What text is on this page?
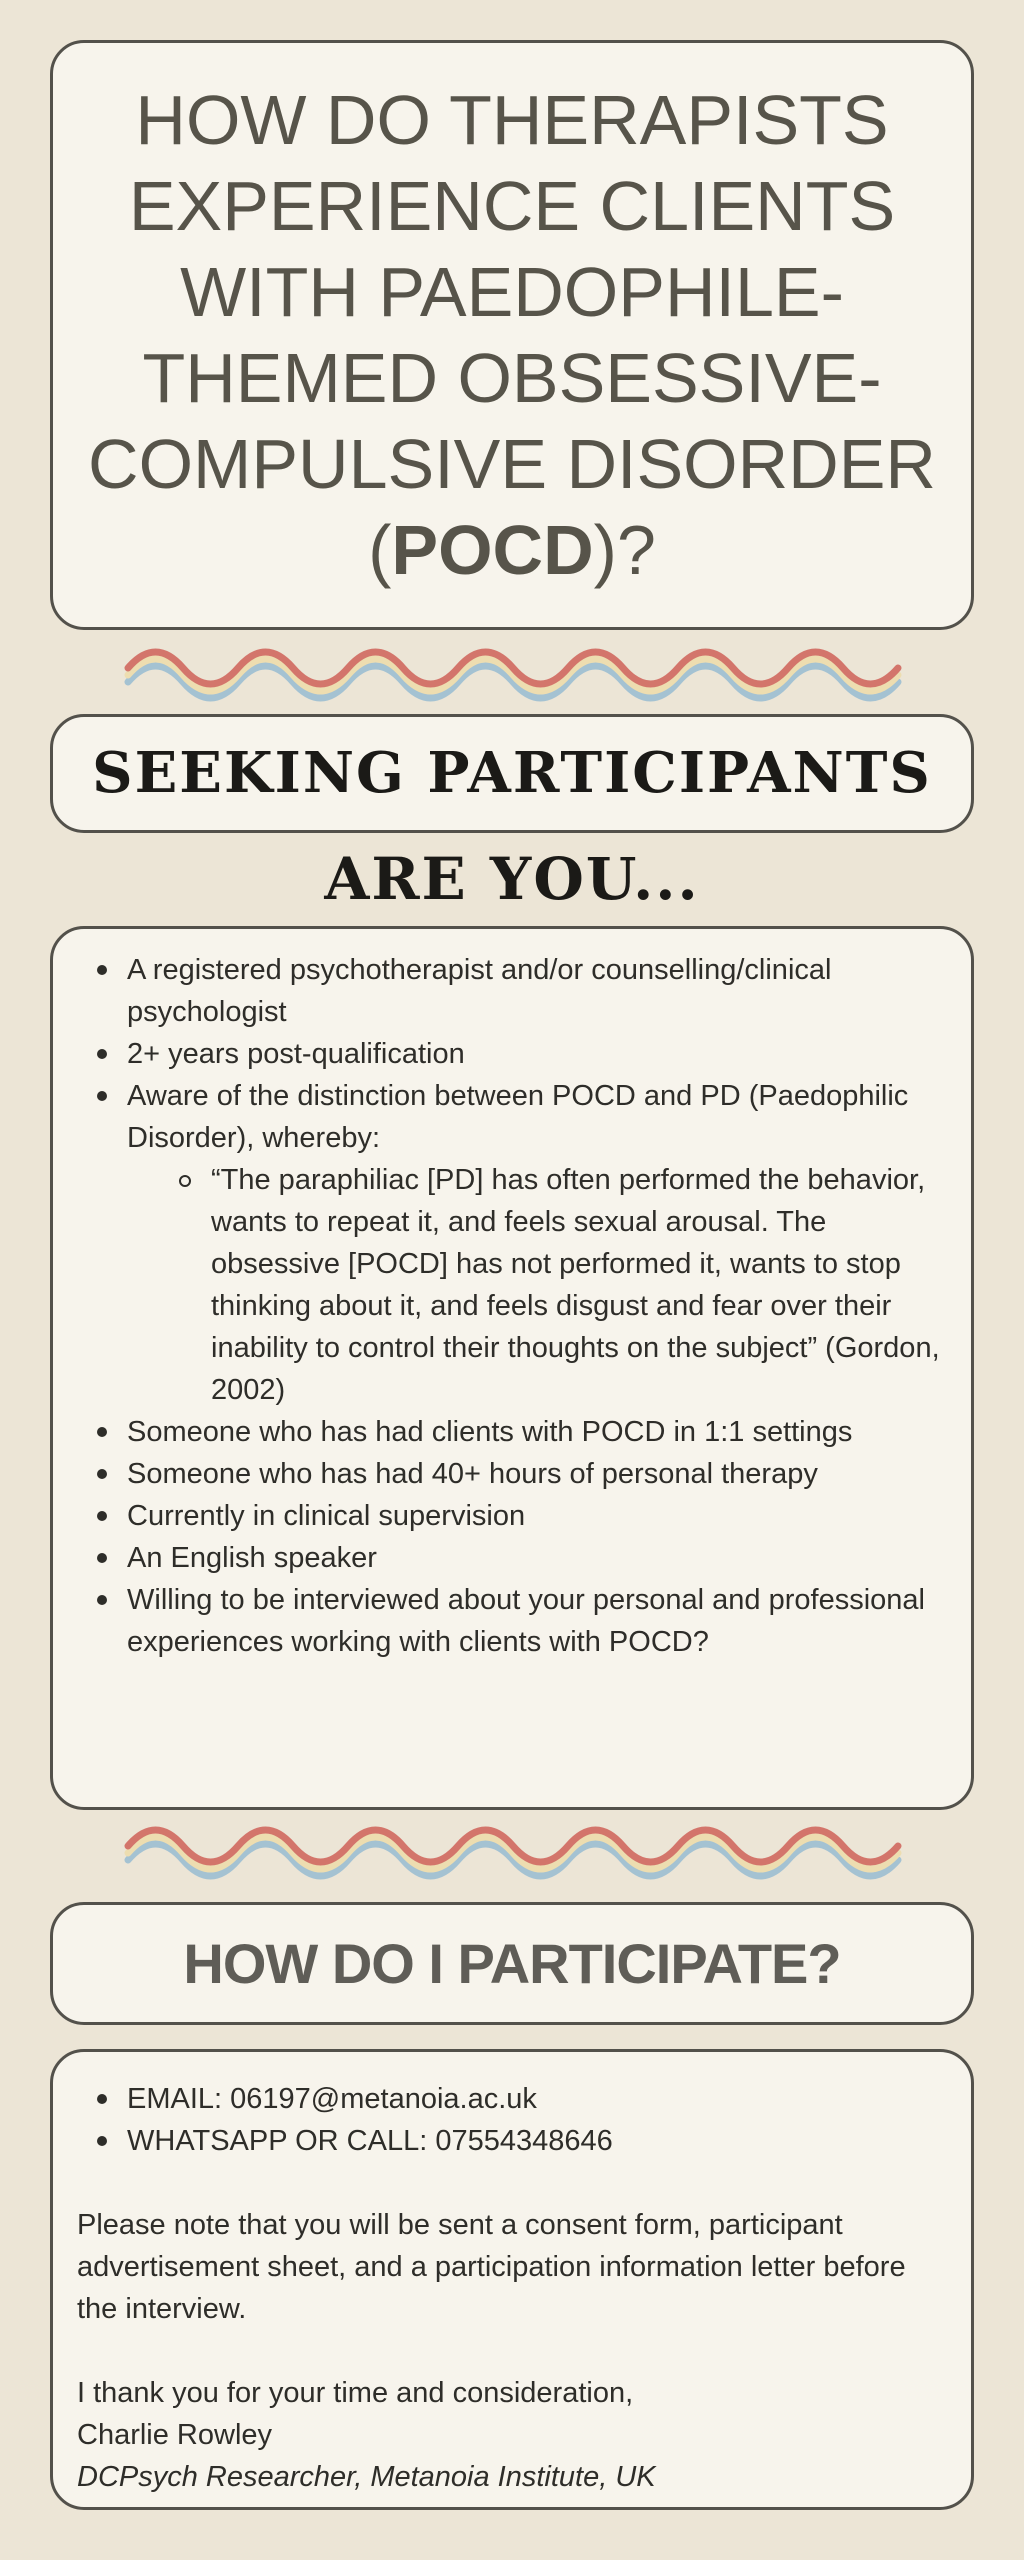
HOW DO THERAPISTS
EXPERIENCE CLIENTS
WITH PAEDOPHILE-
THEMED OBSESSIVE-
COMPULSIVE DISORDER
(POCD)?
SEEKING PARTICIPANTS
ARE YOU...
A registered psychotherapist and/or counselling/clinical psychologist
2+ years post-qualification
Aware of the distinction between POCD and PD (Paedophilic Disorder), whereby:
“The paraphiliac [PD] has often performed the behavior, wants to repeat it, and feels sexual arousal. The obsessive [POCD] has not performed it, wants to stop thinking about it, and feels disgust and fear over their inability to control their thoughts on the subject” (Gordon, 2002)
Someone who has had clients with POCD in 1:1 settings
Someone who has had 40+ hours of personal therapy
Currently in clinical supervision
An English speaker
Willing to be interviewed about your personal and professional experiences working with clients with POCD?
HOW DO I PARTICIPATE?
EMAIL: 06197@metanoia.ac.uk
WHATSAPP OR CALL: 07554348646

Please note that you will be sent a consent form, participant advertisement sheet, and a participation information letter before the interview.

I thank you for your time and consideration,
Charlie Rowley
DCPsych Researcher, Metanoia Institute, UK
